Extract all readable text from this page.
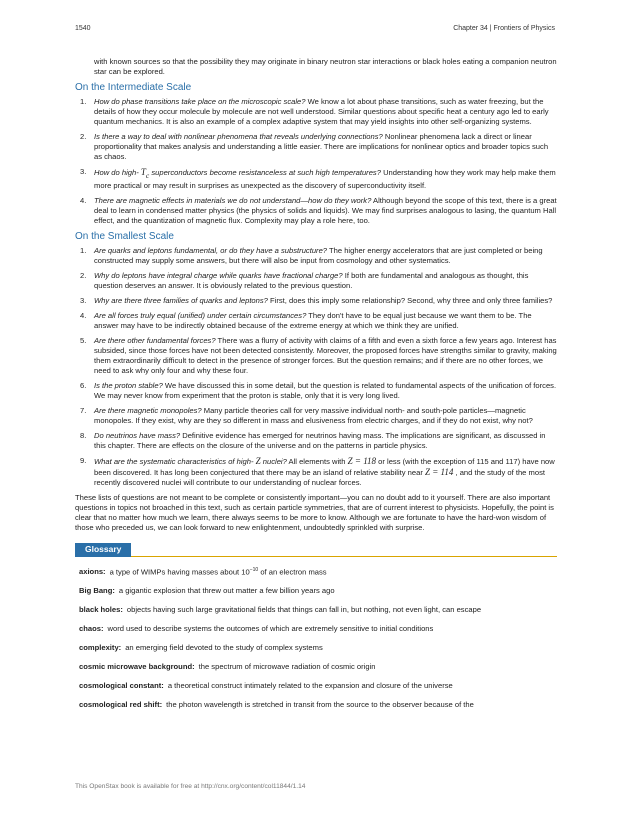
1540	Chapter 34 | Frontiers of Physics

with known sources so that the possibility they may originate in binary neutron star interactions or black holes eating a companion neutron star can be explored.

On the Intermediate Scale
1. How do phase transitions take place on the microscopic scale? We know a lot about phase transitions, such as water freezing, but the details of how they occur molecule by molecule are not well understood. Similar questions about specific heat a century ago led to early quantum mechanics. It is also an example of a complex adaptive system that may yield insights into other self-organizing systems.
2. Is there a way to deal with nonlinear phenomena that reveals underlying connections? Nonlinear phenomena lack a direct or linear proportionality that makes analysis and understanding a little easier. There are implications for nonlinear optics and broader topics such as chaos.
3. How do high- $T_c$ superconductors become resistanceless at such high temperatures? Understanding how they work may help make them more practical or may result in surprises as unexpected as the discovery of superconductivity itself.
4. There are magnetic effects in materials we do not understand—how do they work? Although beyond the scope of this text, there is a great deal to learn in condensed matter physics (the physics of solids and liquids). We may find surprises analogous to lasing, the quantum Hall effect, and the quantization of magnetic flux. Complexity may play a role here, too.
On the Smallest Scale
1. Are quarks and leptons fundamental, or do they have a substructure? The higher energy accelerators that are just completed or being constructed may supply some answers, but there will also be input from cosmology and other systematics.
2. Why do leptons have integral charge while quarks have fractional charge? If both are fundamental and analogous as thought, this question deserves an answer. It is obviously related to the previous question.
3. Why are there three families of quarks and leptons? First, does this imply some relationship? Second, why three and only three families?
4. Are all forces truly equal (unified) under certain circumstances? They don't have to be equal just because we want them to be. The answer may have to be indirectly obtained because of the extreme energy at which we think they are unified.
5. Are there other fundamental forces? There was a flurry of activity with claims of a fifth and even a sixth force a few years ago. Interest has subsided, since those forces have not been detected consistently. Moreover, the proposed forces have strengths similar to gravity, making them extraordinarily difficult to detect in the presence of stronger forces. But the question remains; and if there are no other forces, we need to ask why only four and why these four.
6. Is the proton stable? We have discussed this in some detail, but the question is related to fundamental aspects of the unification of forces. We may never know from experiment that the proton is stable, only that it is very long lived.
7. Are there magnetic monopoles? Many particle theories call for very massive individual north- and south-pole particles—magnetic monopoles. If they exist, why are they so different in mass and elusiveness from electric charges, and if they do not exist, why not?
8. Do neutrinos have mass? Definitive evidence has emerged for neutrinos having mass. The implications are significant, as discussed in this chapter. There are effects on the closure of the universe and on the patterns in particle physics.
9. What are the systematic characteristics of high- Z nuclei? All elements with Z = 118 or less (with the exception of 115 and 117) have now been discovered. It has long been conjectured that there may be an island of relative stability near Z = 114 , and the study of the most recently discovered nuclei will contribute to our understanding of nuclear forces.

These lists of questions are not meant to be complete or consistently important—you can no doubt add to it yourself. There are also important questions in topics not broached in this text, such as certain particle symmetries, that are of current interest to physicists. Hopefully, the point is clear that no matter how much we learn, there always seems to be more to know. Although we are fortunate to have the hard-won wisdom of those who preceded us, we can look forward to new enlightenment, undoubtedly sprinkled with surprise.

Glossary
axions: a type of WIMPs having masses about $10^{-10}$ of an electron mass
Big Bang: a gigantic explosion that threw out matter a few billion years ago
black holes: objects having such large gravitational fields that things can fall in, but nothing, not even light, can escape
chaos: word used to describe systems the outcomes of which are extremely sensitive to initial conditions
complexity: an emerging field devoted to the study of complex systems
cosmic microwave background: the spectrum of microwave radiation of cosmic origin
cosmological constant: a theoretical construct intimately related to the expansion and closure of the universe
cosmological red shift: the photon wavelength is stretched in transit from the source to the observer because of the
This OpenStax book is available for free at http://cnx.org/content/col11844/1.14
